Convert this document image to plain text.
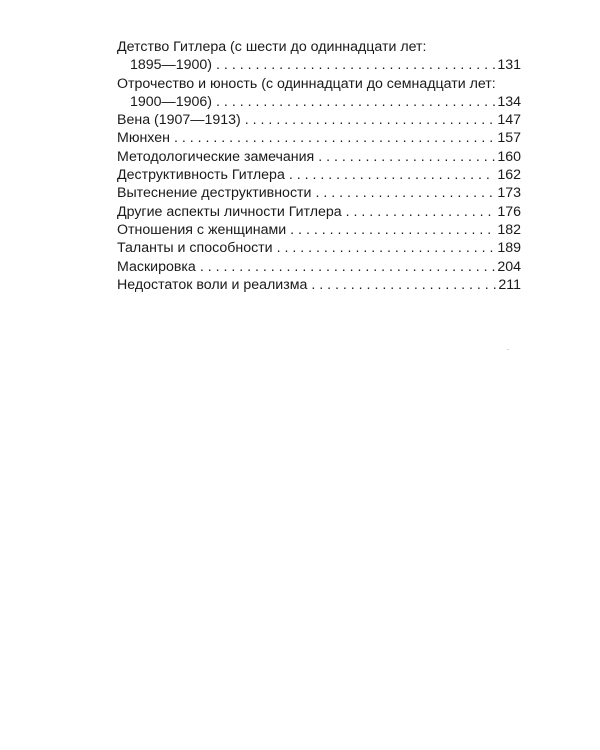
Детство Гитлера (с шести до одиннадцати лет:
1895—1900) . . .	131
Отрочество и юность (с одиннадцати до семнадцати лет:
1900—1906) . . .	134
Вена (1907—1913) . . .	147
Мюнхен . . .	157
Методологические замечания . . .	160
Деструктивность Гитлера . . .	162
Вытеснение деструктивности . . .	173
Другие аспекты личности Гитлера . . .	176
Отношения с женщинами . . .	182
Таланты и способности . . .	189
Маскировка . . .	204
Недостаток воли и реализма . . .	211
